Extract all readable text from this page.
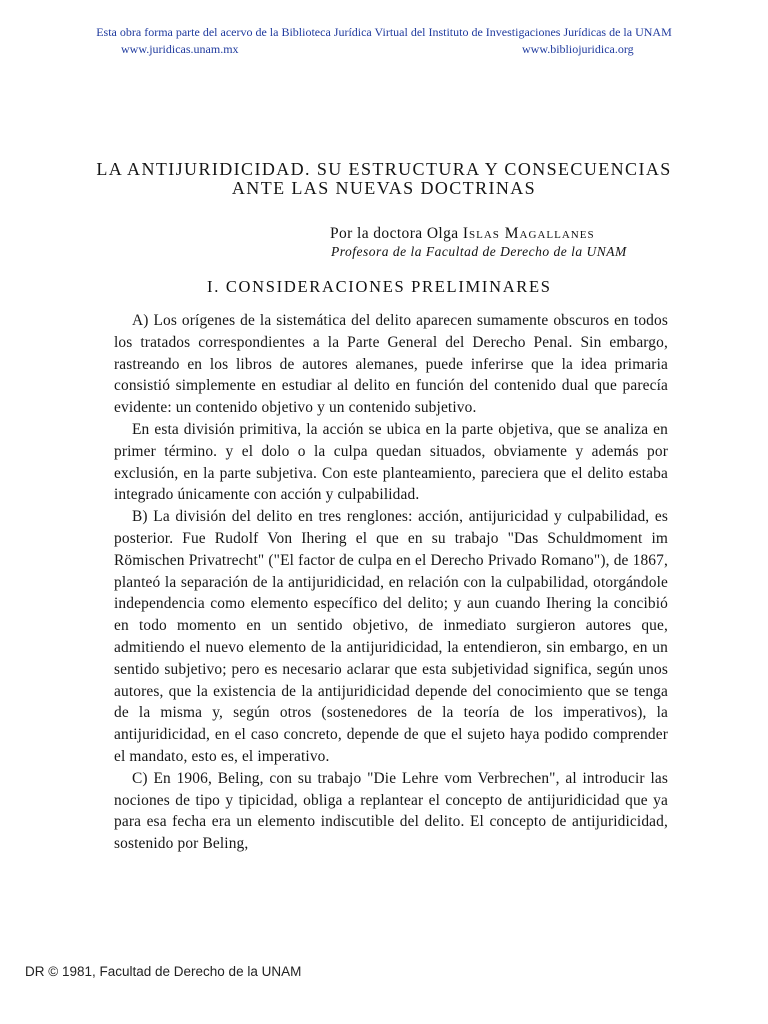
Esta obra forma parte del acervo de la Biblioteca Jurídica Virtual del Instituto de Investigaciones Jurídicas de la UNAM
www.juridicas.unam.mx	www.bibliojuridica.org
LA ANTIJURIDICIDAD. SU ESTRUCTURA Y CONSECUENCIAS
ANTE LAS NUEVAS DOCTRINAS
Por la doctora Olga Islas Magallanes
Profesora de la Facultad de Derecho de la UNAM
I. CONSIDERACIONES PRELIMINARES

A) Los orígenes de la sistemática del delito aparecen sumamente obscuros en todos los tratados correspondientes a la Parte General del Derecho Penal. Sin embargo, rastreando en los libros de autores alemanes, puede inferirse que la idea primaria consistió simplemente en estudiar al delito en función del contenido dual que parecía evidente: un contenido objetivo y un contenido subjetivo.

En esta división primitiva, la acción se ubica en la parte objetiva, que se analiza en primer término. y el dolo o la culpa quedan situados, obviamente y además por exclusión, en la parte subjetiva. Con este planteamiento, pareciera que el delito estaba integrado únicamente con acción y culpabilidad.

B) La división del delito en tres renglones: acción, antijuricidad y culpabilidad, es posterior. Fue Rudolf Von Ihering el que en su trabajo "Das Schuldmoment im Römischen Privatrecht" ("El factor de culpa en el Derecho Privado Romano"), de 1867, planteó la separación de la antijuridicidad, en relación con la culpabilidad, otorgándole independencia como elemento específico del delito; y aun cuando Ihering la concibió en todo momento en un sentido objetivo, de inmediato surgieron autores que, admitiendo el nuevo elemento de la antijuridicidad, la entendieron, sin embargo, en un sentido subjetivo; pero es necesario aclarar que esta subjetividad significa, según unos autores, que la existencia de la antijuridicidad depende del conocimiento que se tenga de la misma y, según otros (sostenedores de la teoría de los imperativos), la antijuridicidad, en el caso concreto, depende de que el sujeto haya podido comprender el mandato, esto es, el imperativo.

C) En 1906, Beling, con su trabajo "Die Lehre vom Verbrechen", al introducir las nociones de tipo y tipicidad, obliga a replantear el concepto de antijuridicidad que ya para esa fecha era un elemento indiscutible del delito. El concepto de antijuridicidad, sostenido por Beling,

DR © 1981, Facultad de Derecho de la UNAM
